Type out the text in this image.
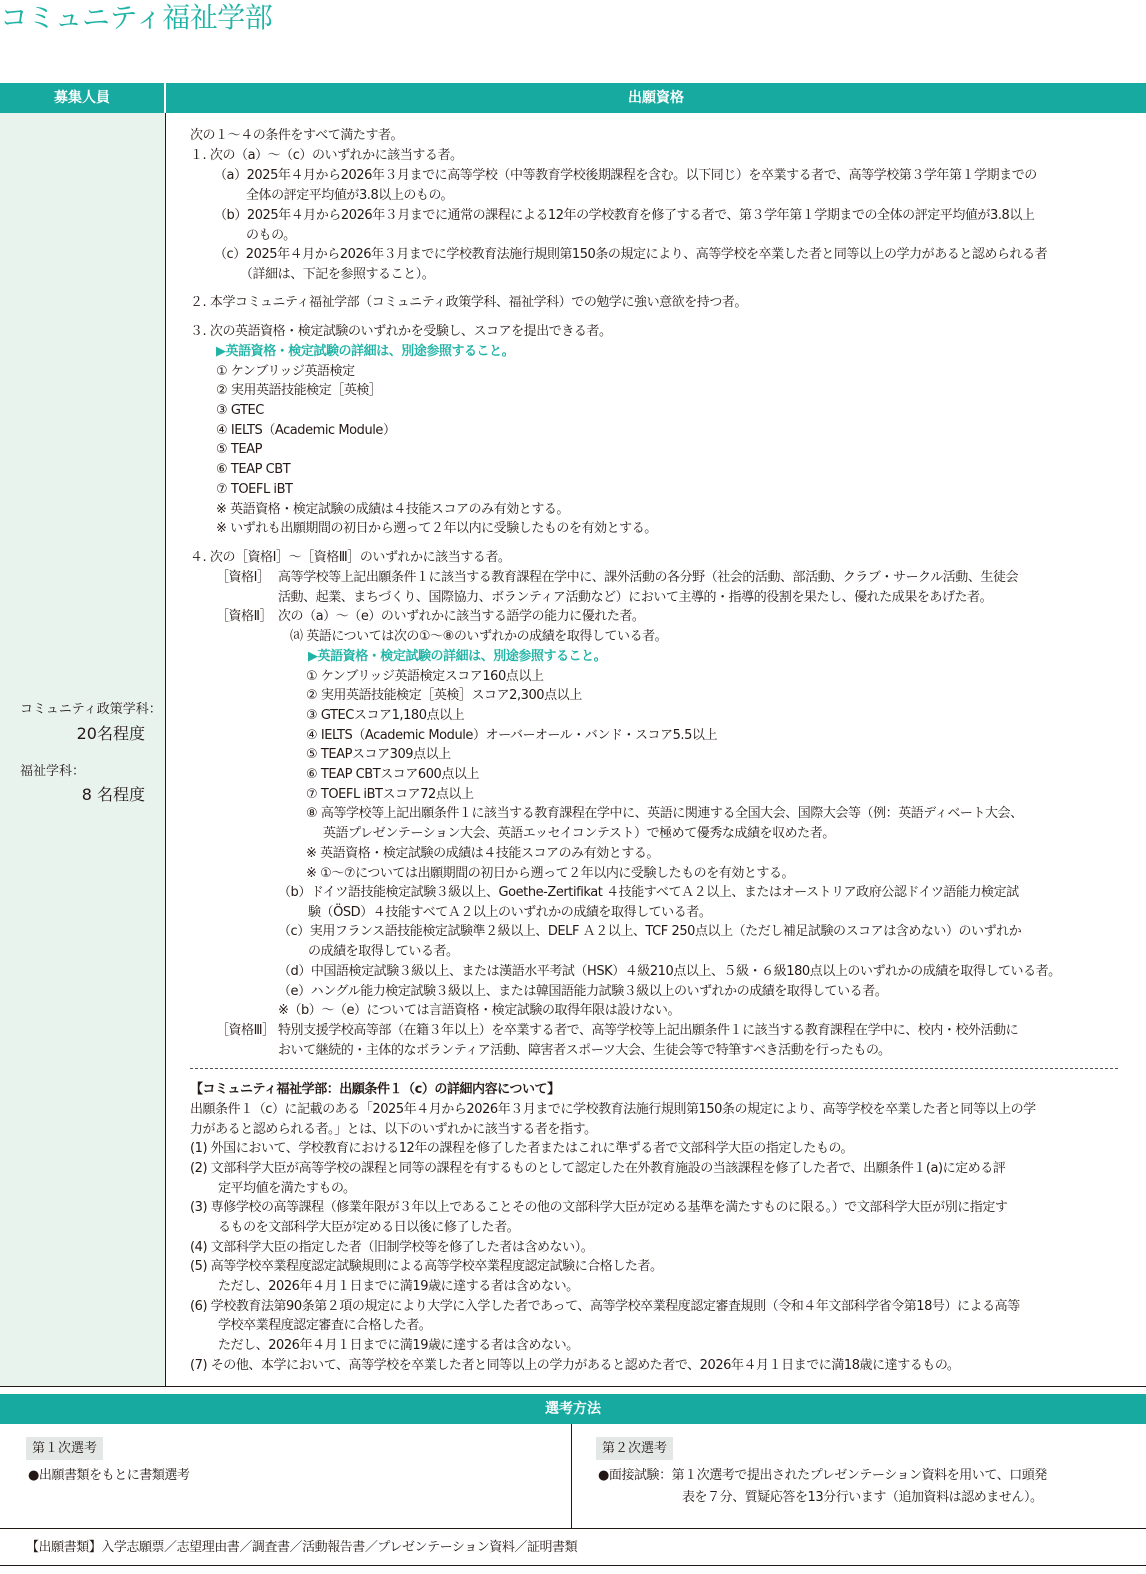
コミュニティ福祉学部
募集人員	出願資格
コミュニティ政策学科：
20名程度
福祉学科：
8 名程度
次の１～４の条件をすべて満たす者。
１. 次の（a）～（c）のいずれかに該当する者。
（a）2025年４月から2026年３月までに高等学校（中等教育学校後期課程を含む。以下同じ）を卒業する者で、高等学校第３学年第１学期までの
全体の評定平均値が3.8以上のもの。
（b）2025年４月から2026年３月までに通常の課程による12年の学校教育を修了する者で、第３学年第１学期までの全体の評定平均値が3.8以上
のもの。
（c）2025年４月から2026年３月までに学校教育法施行規則第150条の規定により、高等学校を卒業した者と同等以上の学力があると認められる者
（詳細は、下記を参照すること）。
２. 本学コミュニティ福祉学部（コミュニティ政策学科、福祉学科）での勉学に強い意欲を持つ者。
３. 次の英語資格・検定試験のいずれかを受験し、スコアを提出できる者。
▶英語資格・検定試験の詳細は、別途参照すること。
① ケンブリッジ英語検定
② 実用英語技能検定［英検］
③ GTEC
④ IELTS（Academic Module）
⑤ TEAP
⑥ TEAP CBT
⑦ TOEFL iBT
※ 英語資格・検定試験の成績は４技能スコアのみ有効とする。
※ いずれも出願期間の初日から遡って２年以内に受験したものを有効とする。
４. 次の［資格Ⅰ］～［資格Ⅲ］のいずれかに該当する者。
［資格Ⅰ］ 高等学校等上記出願条件１に該当する教育課程在学中に、課外活動の各分野（社会的活動、部活動、クラブ・サークル活動、生徒会
活動、起業、まちづくり、国際協力、ボランティア活動など）において主導的・指導的役割を果たし、優れた成果をあげた者。
［資格Ⅱ］ 次の（a）～（e）のいずれかに該当する語学の能力に優れた者。
⒜ 英語については次の①～⑧のいずれかの成績を取得している者。
▶英語資格・検定試験の詳細は、別途参照すること。
① ケンブリッジ英語検定スコア160点以上
② 実用英語技能検定［英検］スコア2,300点以上
③ GTECスコア1,180点以上
④ IELTS（Academic Module）オーバーオール・バンド・スコア5.5以上
⑤ TEAPスコア309点以上
⑥ TEAP CBTスコア600点以上
⑦ TOEFL iBTスコア72点以上
⑧ 高等学校等上記出願条件１に該当する教育課程在学中に、英語に関連する全国大会、国際大会等（例：英語ディベート大会、
英語プレゼンテーション大会、英語エッセイコンテスト）で極めて優秀な成績を収めた者。
※ 英語資格・検定試験の成績は４技能スコアのみ有効とする。
※ ①～⑦については出願期間の初日から遡って２年以内に受験したものを有効とする。
（b）ドイツ語技能検定試験３級以上、Goethe-Zertifikat ４技能すべてＡ２以上、またはオーストリア政府公認ドイツ語能力検定試
験（ÖSD）４技能すべてＡ２以上のいずれかの成績を取得している者。
（c）実用フランス語技能検定試験準２級以上、DELF Ａ２以上、TCF 250点以上（ただし補足試験のスコアは含めない）のいずれか
の成績を取得している者。
（d）中国語検定試験３級以上、または漢語水平考試（HSK）４級210点以上、５級・６級180点以上のいずれかの成績を取得している者。
（e）ハングル能力検定試験３級以上、または韓国語能力試験３級以上のいずれかの成績を取得している者。
※（b）～（e）については言語資格・検定試験の取得年限は設けない。
［資格Ⅲ］ 特別支援学校高等部（在籍３年以上）を卒業する者で、高等学校等上記出願条件１に該当する教育課程在学中に、校内・校外活動に
おいて継続的・主体的なボランティア活動、障害者スポーツ大会、生徒会等で特筆すべき活動を行ったもの。
【コミュニティ福祉学部：出願条件１（c）の詳細内容について】
出願条件１（c）に記載のある「2025年４月から2026年３月までに学校教育法施行規則第150条の規定により、高等学校を卒業した者と同等以上の学
力があると認められる者。」とは、以下のいずれかに該当する者を指す。
(1) 外国において、学校教育における12年の課程を修了した者またはこれに準ずる者で文部科学大臣の指定したもの。
(2) 文部科学大臣が高等学校の課程と同等の課程を有するものとして認定した在外教育施設の当該課程を修了した者で、出願条件１(a)に定める評
定平均値を満たすもの。
(3) 専修学校の高等課程（修業年限が３年以上であることその他の文部科学大臣が定める基準を満たすものに限る。）で文部科学大臣が別に指定す
るものを文部科学大臣が定める日以後に修了した者。
(4) 文部科学大臣の指定した者（旧制学校等を修了した者は含めない）。
(5) 高等学校卒業程度認定試験規則による高等学校卒業程度認定試験に合格した者。
ただし、2026年４月１日までに満19歳に達する者は含めない。
(6) 学校教育法第90条第２項の規定により大学に入学した者であって、高等学校卒業程度認定審査規則（令和４年文部科学省令第18号）による高等
学校卒業程度認定審査に合格した者。
ただし、2026年４月１日までに満19歳に達する者は含めない。
(7) その他、本学において、高等学校を卒業した者と同等以上の学力があると認めた者で、2026年４月１日までに満18歳に達するもの。
選考方法
第１次選考
●出願書類をもとに書類選考
第２次選考
●面接試験：第１次選考で提出されたプレゼンテーション資料を用いて、口頭発
表を７分、質疑応答を13分行います（追加資料は認めません）。
【出願書類】入学志願票／志望理由書／調査書／活動報告書／プレゼンテーション資料／証明書類
